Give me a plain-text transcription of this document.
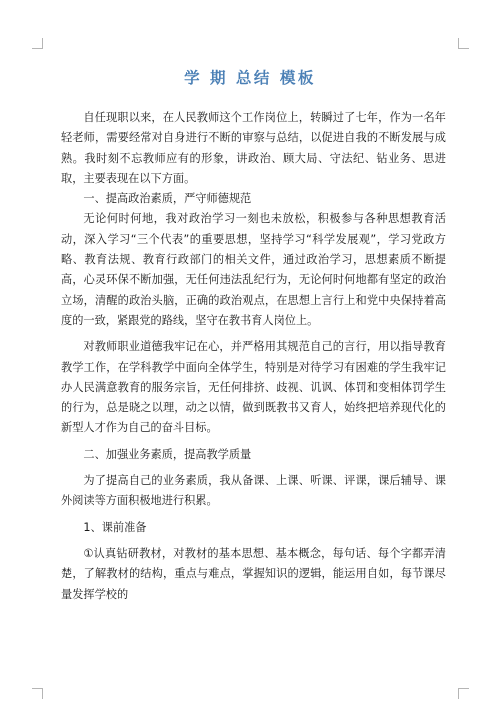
学 期 总结 模板

自任现职以来，在人民教师这个工作岗位上，转瞬过了七年，作为一名年轻老师，需要经常对自身进行不断的审察与总结，以促进自我的不断发展与成熟。我时刻不忘教师应有的形象，讲政治、顾大局、守法纪、钻业务、思进取，主要表现在以下方面。

一、提高政治素质，严守师德规范

无论何时何地，我对政治学习一刻也未放松，积极参与各种思想教育活动，深入学习“三个代表”的重要思想，坚持学习“科学发展观”，学习党政方略、教育法规、教育行政部门的相关文件，通过政治学习，思想素质不断提高，心灵环保不断加强，无任何违法乱纪行为，无论何时何地都有坚定的政治立场，清醒的政治头脑，正确的政治观点，在思想上言行上和党中央保持着高度的一致，紧跟党的路线，坚守在教书育人岗位上。

对教师职业道德我牢记在心，并严格用其规范自己的言行，用以指导教育教学工作，在学科教学中面向全体学生，特别是对待学习有困难的学生我牢记办人民满意教育的服务宗旨，无任何排挤、歧视、讥讽、体罚和变相体罚学生的行为，总是晓之以理，动之以情，做到既教书又育人，始终把培养现代化的新型人才作为自己的奋斗目标。

二、加强业务素质，提高教学质量

为了提高自己的业务素质，我从备课、上课、听课、评课，课后辅导、课外阅读等方面积极地进行积累。

1、课前准备

①认真钻研教材，对教材的基本思想、基本概念，每句话、每个字都弄清楚，了解教材的结构，重点与难点，掌握知识的逻辑，能运用自如，每节课尽量发挥学校的
